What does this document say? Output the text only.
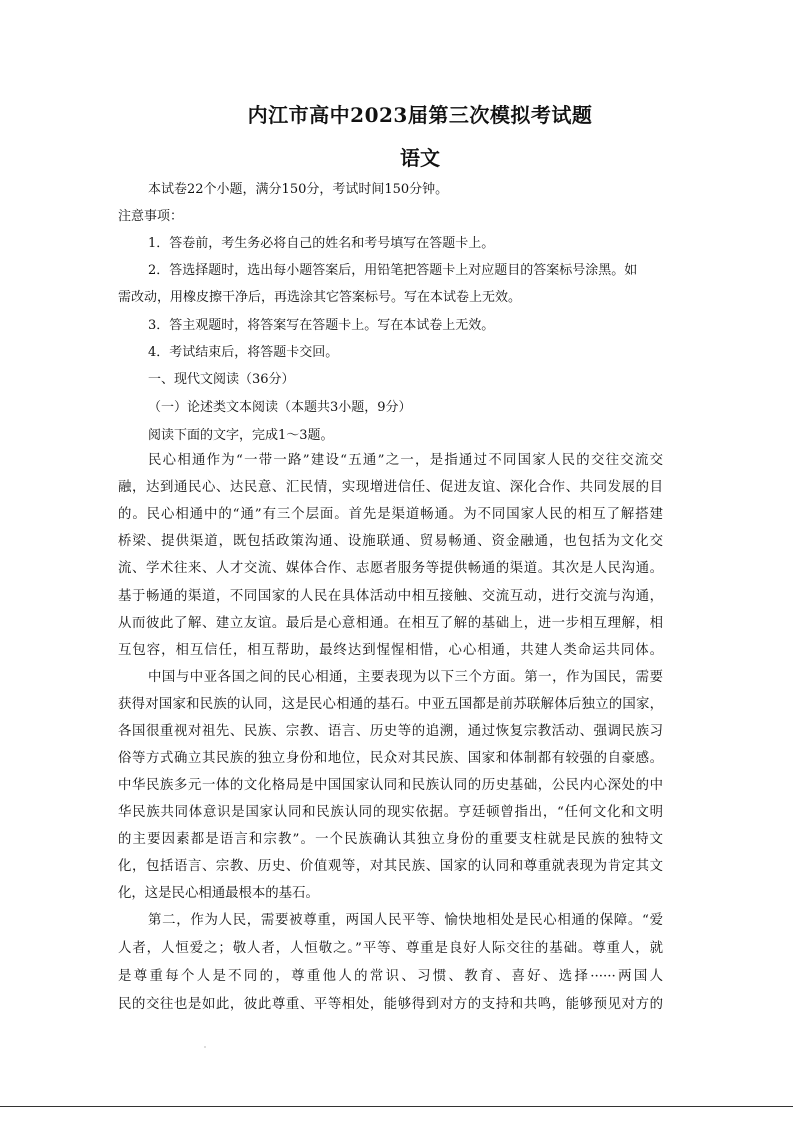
内江市高中2023届第三次模拟考试题
语文
本试卷22个小题，满分150分，考试时间150分钟。
注意事项：
1．答卷前，考生务必将自己的姓名和考号填写在答题卡上。
2．答选择题时，选出每小题答案后，用铅笔把答题卡上对应题目的答案标号涂黑。如
需改动，用橡皮擦干净后，再选涂其它答案标号。写在本试卷上无效。
3．答主观题时，将答案写在答题卡上。写在本试卷上无效。
4．考试结束后，将答题卡交回。
一、现代文阅读（36分）
（一）论述类文本阅读（本题共3小题，9分）
阅读下面的文字，完成1～3题。
民心相通作为“一带一路”建设“五通”之一，是指通过不同国家人民的交往交流交
融，达到通民心、达民意、汇民情，实现增进信任、促进友谊、深化合作、共同发展的目
的。民心相通中的“通”有三个层面。首先是渠道畅通。为不同国家人民的相互了解搭建
桥梁、提供渠道，既包括政策沟通、设施联通、贸易畅通、资金融通，也包括为文化交
流、学术往来、人才交流、媒体合作、志愿者服务等提供畅通的渠道。其次是人民沟通。
基于畅通的渠道，不同国家的人民在具体活动中相互接触、交流互动，进行交流与沟通，
从而彼此了解、建立友谊。最后是心意相通。在相互了解的基础上，进一步相互理解，相
互包容，相互信任，相互帮助，最终达到惺惺相惜，心心相通，共建人类命运共同体。
中国与中亚各国之间的民心相通，主要表现为以下三个方面。第一，作为国民，需要
获得对国家和民族的认同，这是民心相通的基石。中亚五国都是前苏联解体后独立的国家，
各国很重视对祖先、民族、宗教、语言、历史等的追溯，通过恢复宗教活动、强调民族习
俗等方式确立其民族的独立身份和地位，民众对其民族、国家和体制都有较强的自豪感。
中华民族多元一体的文化格局是中国国家认同和民族认同的历史基础，公民内心深处的中
华民族共同体意识是国家认同和民族认同的现实依据。亨廷顿曾指出，“任何文化和文明
的主要因素都是语言和宗教”。一个民族确认其独立身份的重要支柱就是民族的独特文
化，包括语言、宗教、历史、价值观等，对其民族、国家的认同和尊重就表现为肯定其文
化，这是民心相通最根本的基石。
第二，作为人民，需要被尊重，两国人民平等、愉快地相处是民心相通的保障。“爱
人者，人恒爱之；敬人者，人恒敬之。”平等、尊重是良好人际交往的基础。尊重人，就
是尊重每个人是不同的，尊重他人的常识、习惯、教育、喜好、选择······两国人
民的交往也是如此，彼此尊重、平等相处，能够得到对方的支持和共鸣，能够预见对方的
